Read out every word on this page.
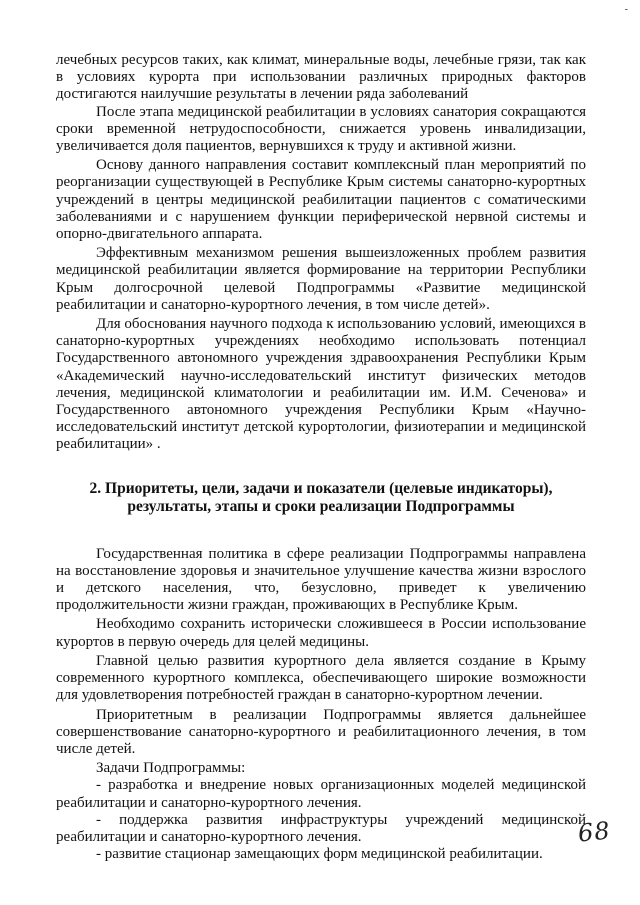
-

лечебных ресурсов таких, как климат, минеральные воды, лечебные грязи, так как в условиях курорта при использовании различных природных факторов достигаются наилучшие результаты в лечении ряда заболеваний

После этапа медицинской реабилитации в условиях санатория сокращаются сроки временной нетрудоспособности, снижается уровень инвалидизации, увеличивается доля пациентов, вернувшихся к труду и активной жизни.

Основу данного направления составит комплексный план мероприятий по реорганизации существующей в Республике Крым системы санаторно-курортных учреждений в центры медицинской реабилитации пациентов с соматическими заболеваниями и с нарушением функции периферической нервной системы и опорно-двигательного аппарата.

Эффективным механизмом решения вышеизложенных проблем развития медицинской реабилитации является формирование на территории Республики Крым долгосрочной целевой Подпрограммы «Развитие медицинской реабилитации и санаторно-курортного лечения, в том числе детей».

Для обоснования научного подхода к использованию условий, имеющихся в санаторно-курортных учреждениях необходимо использовать потенциал Государственного автономного учреждения здравоохранения Республики Крым «Академический научно-исследовательский институт физических методов лечения, медицинской климатологии и реабилитации им. И.М. Сеченова» и Государственного автономного учреждения Республики Крым «Научно-исследовательский институт детской курортологии, физиотерапии и медицинской реабилитации» .

2. Приоритеты, цели, задачи и показатели (целевые индикаторы),
результаты, этапы и сроки реализации Подпрограммы

Государственная политика в сфере реализации Подпрограммы направлена на восстановление здоровья и значительное улучшение качества жизни взрослого и детского населения, что, безусловно, приведет к увеличению продолжительности жизни граждан, проживающих в Республике Крым.

Необходимо сохранить исторически сложившееся в России использование курортов в первую очередь для целей медицины.

Главной целью развития курортного дела является создание в Крыму современного курортного комплекса, обеспечивающего широкие возможности для удовлетворения потребностей граждан в санаторно-курортном лечении.

Приоритетным в реализации Подпрограммы является дальнейшее совершенствование санаторно-курортного и реабилитационного лечения, в том числе детей.

Задачи Подпрограммы:

- разработка и внедрение новых организационных моделей медицинской реабилитации и санаторно-курортного лечения.

- поддержка развития инфраструктуры учреждений медицинской реабилитации и санаторно-курортного лечения.

- развитие стационар замещающих форм медицинской реабилитации.

68
